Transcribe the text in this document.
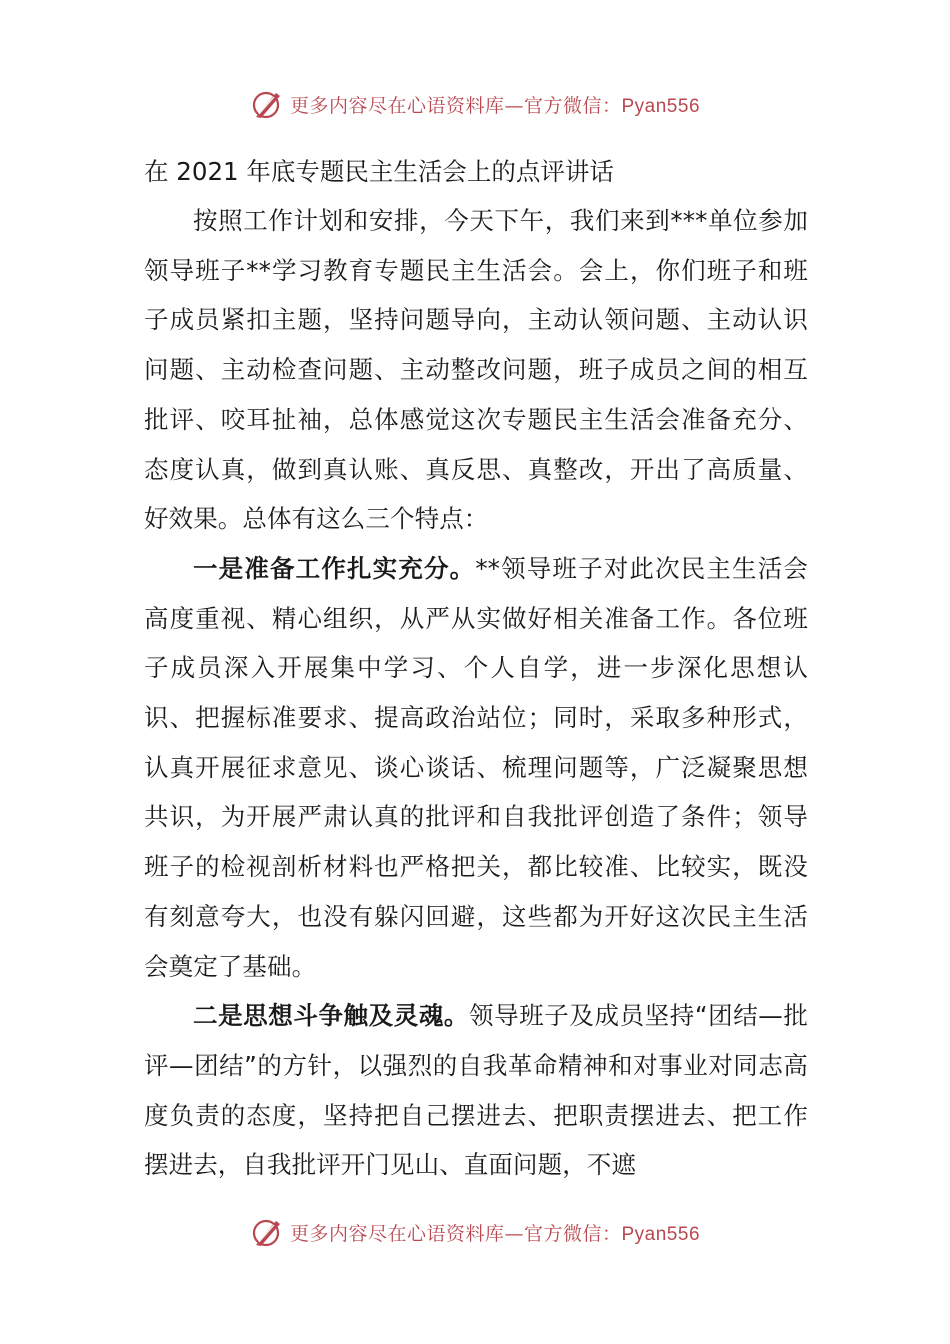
更多内容尽在心语资料库—官方微信：Pyan556
在 2021 年底专题民主生活会上的点评讲话

按照工作计划和安排，今天下午，我们来到***单位参加领导班子**学习教育专题民主生活会。会上，你们班子和班子成员紧扣主题，坚持问题导向，主动认领问题、主动认识问题、主动检查问题、主动整改问题，班子成员之间的相互批评、咬耳扯袖，总体感觉这次专题民主生活会准备充分、态度认真，做到真认账、真反思、真整改，开出了高质量、好效果。总体有这么三个特点：

一是准备工作扎实充分。**领导班子对此次民主生活会高度重视、精心组织，从严从实做好相关准备工作。各位班子成员深入开展集中学习、个人自学，进一步深化思想认识、把握标准要求、提高政治站位；同时，采取多种形式，认真开展征求意见、谈心谈话、梳理问题等，广泛凝聚思想共识，为开展严肃认真的批评和自我批评创造了条件；领导班子的检视剖析材料也严格把关，都比较准、比较实，既没有刻意夸大，也没有躲闪回避，这些都为开好这次民主生活会奠定了基础。

二是思想斗争触及灵魂。领导班子及成员坚持“团结—批评—团结”的方针，以强烈的自我革命精神和对事业对同志高度负责的态度，坚持把自己摆进去、把职责摆进去、把工作摆进去，自我批评开门见山、直面问题，不遮

更多内容尽在心语资料库—官方微信：Pyan556
